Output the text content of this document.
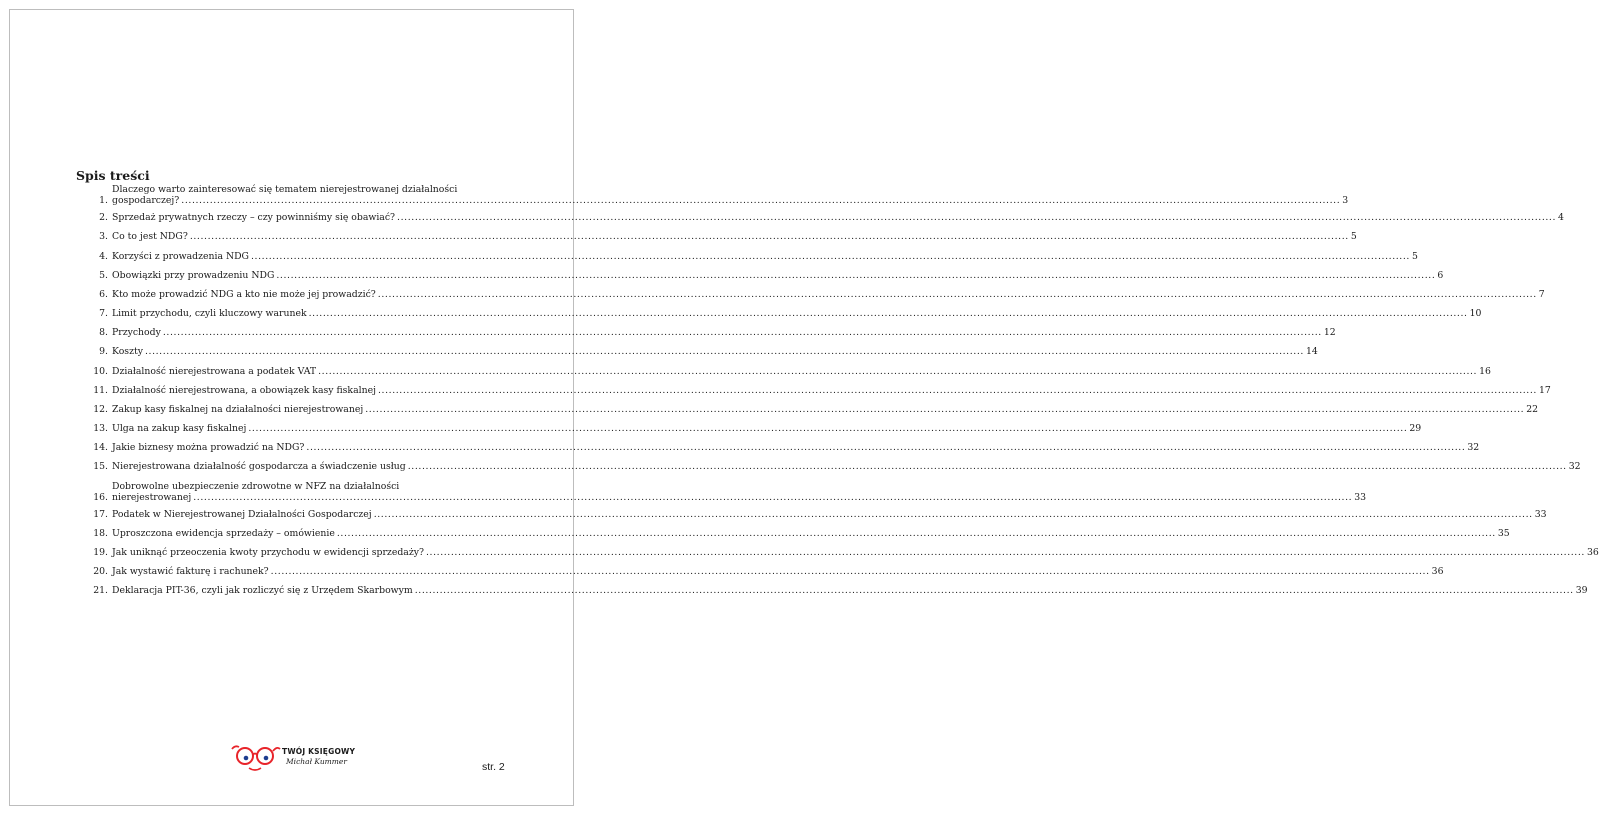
Spis treści
1.
Dlaczego warto zainteresować się tematem nierejestrowanej działalności
gospodarczej? .....	3
2. Sprzedaż prywatnych rzeczy – czy powinniśmy się obawiać? .....	4
3. Co to jest NDG? .....	5
4. Korzyści z prowadzenia NDG .....	5
5. Obowiązki przy prowadzeniu NDG .....	6
6. Kto może prowadzić NDG a kto nie może jej prowadzić? .....	7
7. Limit przychodu, czyli kluczowy warunek .....	10
8. Przychody .....	12
9. Koszty .....	14
10. Działalność nierejestrowana a podatek VAT .....	16
11. Działalność nierejestrowana, a obowiązek kasy fiskalnej .....	17
12. Zakup kasy fiskalnej na działalności nierejestrowanej .....	22
13. Ulga na zakup kasy fiskalnej .....	29
14. Jakie biznesy można prowadzić na NDG? .....	32
15. Nierejestrowana działalność gospodarcza a świadczenie usług .....	32
16.
Dobrowolne ubezpieczenie zdrowotne w NFZ na działalności
nierejestrowanej .....	33
17. Podatek w Nierejestrowanej Działalności Gospodarczej .....	33
18. Uproszczona ewidencja sprzedaży – omówienie .....	35
19. Jak uniknąć przeoczenia kwoty przychodu w ewidencji sprzedaży? .....	36
20. Jak wystawić fakturę i rachunek? .....	36
21. Deklaracja PIT-36, czyli jak rozliczyć się z Urzędem Skarbowym .....	39
TWÓJ KSIĘGOWY
Michał Kummer	str. 2
